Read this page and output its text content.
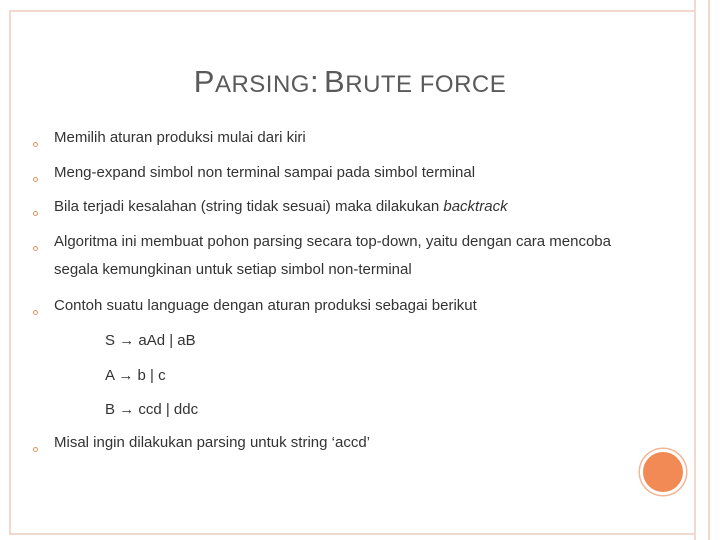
PARSING: BRUTE FORCE
Memilih aturan produksi mulai dari kiri
Meng-expand simbol non terminal sampai pada simbol terminal
Bila terjadi kesalahan (string tidak sesuai) maka dilakukan backtrack
Algoritma ini membuat pohon parsing secara top-down, yaitu dengan cara mencoba
segala kemungkinan untuk setiap simbol non-terminal
Contoh suatu language dengan aturan produksi sebagai berikut
S → aAd | aB
A → b | c
B → ccd | ddc
Misal ingin dilakukan parsing untuk string ‘accd’
